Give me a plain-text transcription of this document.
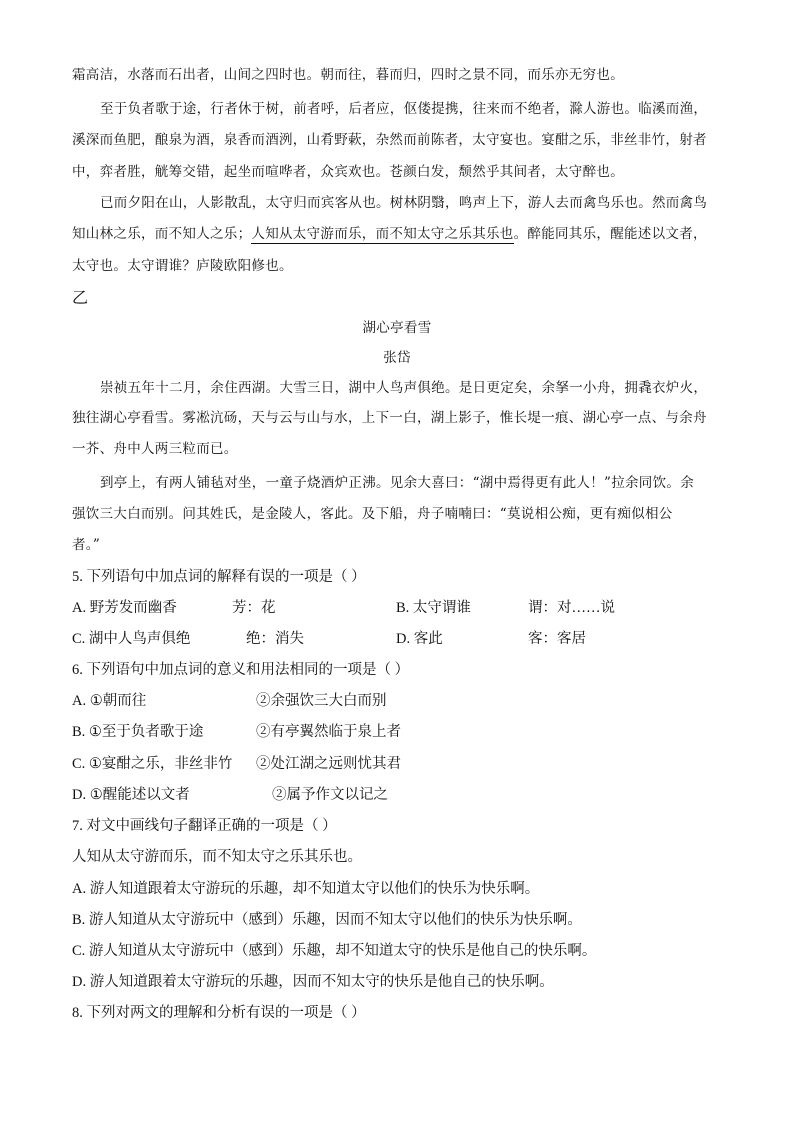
霜高洁，水落而石出者，山间之四时也。朝而往，暮而归，四时之景不同，而乐亦无穷也。
至于负者歌于途，行者休于树，前者呼，后者应，伛偻提携，往来而不绝者，滁人游也。临溪而渔，
溪深而鱼肥，酿泉为酒，泉香而酒洌，山肴野蔌，杂然而前陈者，太守宴也。宴酣之乐，非丝非竹，射者
中，弈者胜，觥筹交错，起坐而喧哗者，众宾欢也。苍颜白发，颓然乎其间者，太守醉也。
已而夕阳在山，人影散乱，太守归而宾客从也。树林阴翳，鸣声上下，游人去而禽鸟乐也。然而禽鸟
知山林之乐，而不知人之乐；人知从太守游而乐，而不知太守之乐其乐也。醉能同其乐，醒能述以文者，
太守也。太守谓谁？庐陵欧阳修也。
乙
湖心亭看雪
张岱
崇祯五年十二月，余住西湖。大雪三日，湖中人鸟声俱绝。是日更定矣，余拏一小舟，拥毳衣炉火，
独往湖心亭看雪。雾凇沆砀，天与云与山与水，上下一白，湖上影子，惟长堤一痕、湖心亭一点、与余舟
一芥、舟中人两三粒而已。
到亭上，有两人铺毡对坐，一童子烧酒炉正沸。见余大喜曰：“湖中焉得更有此人！”拉余同饮。余
强饮三大白而别。问其姓氏，是金陵人，客此。及下船，舟子喃喃曰：“莫说相公痴，更有痴似相公
者。”
5. 下列语句中加点词的解释有误的一项是（ ）
A. 野芳发而幽香	芳：花	B. 太守谓谁	谓：对……说
C. 湖中人鸟声俱绝	绝：消失	D. 客此	客：客居
6. 下列语句中加点词的意义和用法相同的一项是（ ）
A. ①朝而往	②余强饮三大白而别
B. ①至于负者歌于途	②有亭翼然临于泉上者
C. ①宴酣之乐，非丝非竹 ②处江湖之远则忧其君
D. ①醒能述以文者	②属予作文以记之
7. 对文中画线句子翻译正确的一项是（ ）
人知从太守游而乐，而不知太守之乐其乐也。
A. 游人知道跟着太守游玩的乐趣，却不知道太守以他们的快乐为快乐啊。
B. 游人知道从太守游玩中（感到）乐趣，因而不知太守以他们的快乐为快乐啊。
C. 游人知道从太守游玩中（感到）乐趣，却不知道太守的快乐是他自己的快乐啊。
D. 游人知道跟着太守游玩的乐趣，因而不知太守的快乐是他自己的快乐啊。
8. 下列对两文的理解和分析有误的一项是（ ）
